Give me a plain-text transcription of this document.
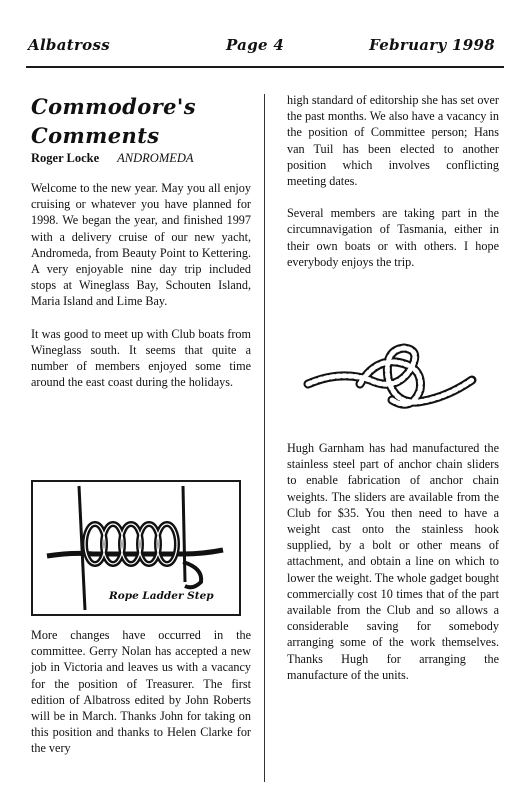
Albatross	Page 4	February 1998

Commodore's

Comments

Roger Locke ANDROMEDA

Welcome to the new year. May you all enjoy cruising or whatever you have planned for 1998. We began the year, and finished 1997 with a delivery cruise of our new yacht, Andromeda, from Beauty Point to Kettering. A very enjoyable nine day trip included stops at Wineglass Bay, Schouten Island, Maria Island and Lime Bay.

It was good to meet up with Club boats from Wineglass south. It seems that quite a number of members enjoyed some time around the east coast during the holidays.

Rope Ladder Step

More changes have occurred in the committee. Gerry Nolan has accepted a new job in Victoria and leaves us with a vacancy for the position of Treasurer. The first edition of Albatross edited by John Roberts will be in March. Thanks John for taking on this position and thanks to Helen Clarke for the very

high standard of editorship she has set over the past months. We also have a vacancy in the position of Committee person; Hans van Tuil has been elected to another position which involves conflicting meeting dates.

Several members are taking part in the circumnavigation of Tasmania, either in their own boats or with others. I hope everybody enjoys the trip.

Hugh Garnham has had manufactured the stainless steel part of anchor chain sliders to enable fabrication of anchor chain weights. The sliders are available from the Club for $35. You then need to have a weight cast onto the stainless hook supplied, by a bolt or other means of attachment, and obtain a line on which to lower the weight. The whole gadget bought commercially cost 10 times that of the part available from the Club and so allows a considerable saving for somebody arranging some of the work themselves. Thanks Hugh for arranging the manufacture of the units.
